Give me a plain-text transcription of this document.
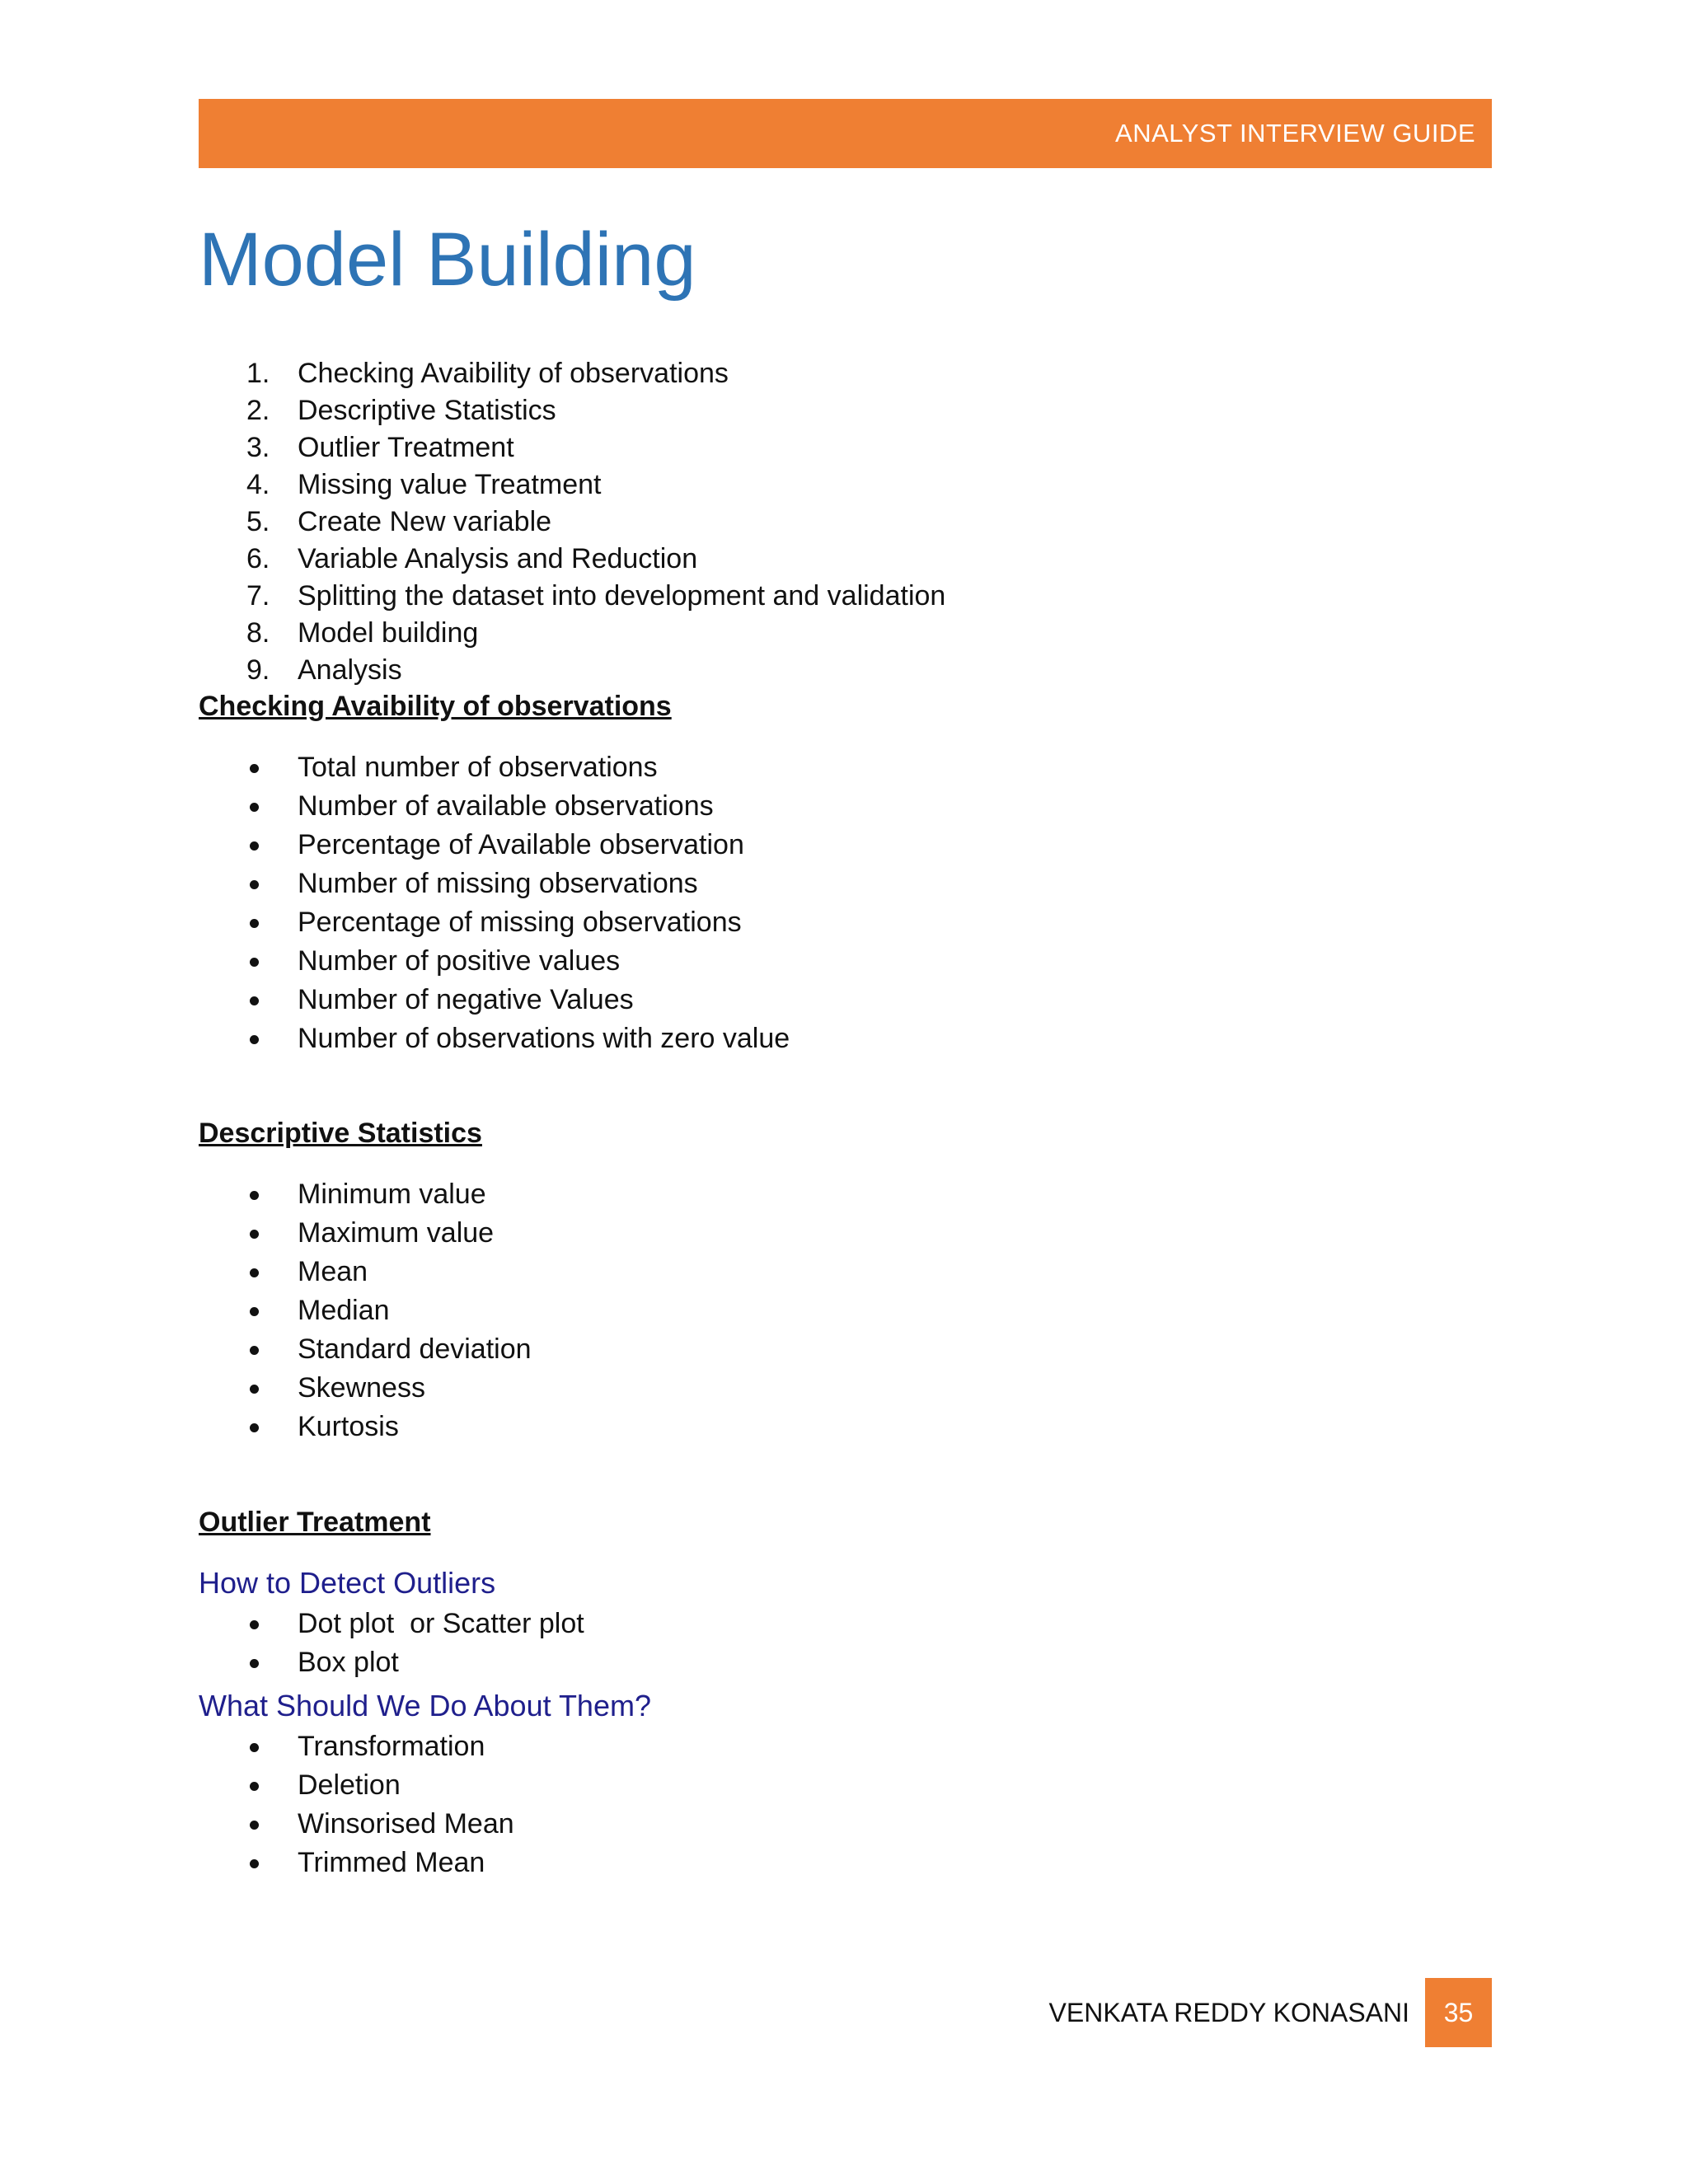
ANALYST INTERVIEW GUIDE
Model Building
1. Checking Avaibility of observations
2. Descriptive Statistics
3. Outlier Treatment
4. Missing value Treatment
5. Create New variable
6. Variable Analysis and Reduction
7. Splitting the dataset into development and validation
8. Model building
9. Analysis
Checking Avaibility of observations
Total number of observations
Number of available observations
Percentage of Available observation
Number of missing observations
Percentage of missing observations
Number of positive values
Number of negative Values
Number of observations with zero value
Descriptive Statistics
Minimum value
Maximum value
Mean
Median
Standard deviation
Skewness
Kurtosis
Outlier Treatment
How to Detect Outliers
Dot plot  or Scatter plot
Box plot
What Should We Do About Them?
Transformation
Deletion
Winsorised Mean
Trimmed Mean
VENKATA REDDY KONASANI	35
